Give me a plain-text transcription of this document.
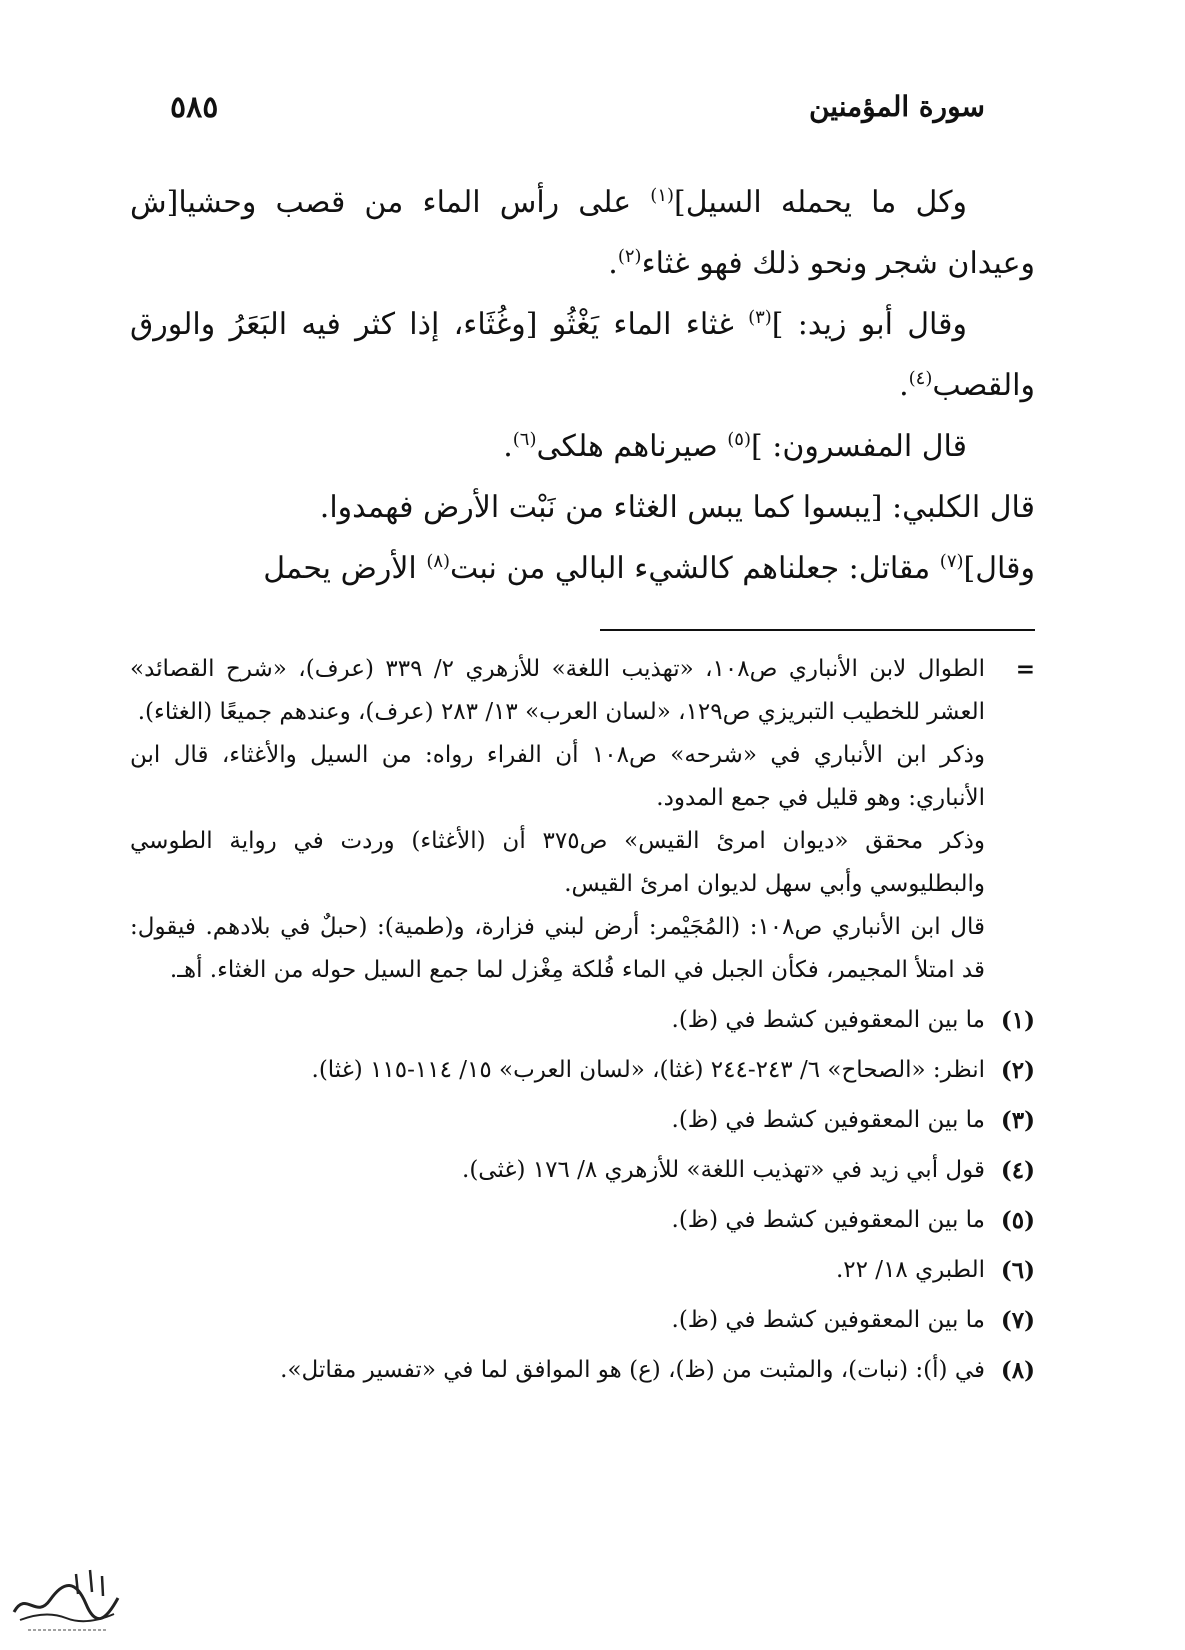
سورة المؤمنين
٥٨٥

وكل ما يحمله السيل]$^{(١)}$ على رأس الماء من قصب وحشيا[ش وعيدان شجر ونحو ذلك فهو غثاء$^{(٢)}$.

وقال أبو زيد: ]$^{(٣)}$ غثاء الماء يَغْثُو [وغُثَاء، إذا كثر فيه البَعَرُ والورق والقصب$^{(٤)}$.

قال المفسرون: ]$^{(٥)}$ صيرناهم هلكى$^{(٦)}$.

قال الكلبي: [يبسوا كما يبس الغثاء من نَبْت الأرض فهمدوا.

وقال]$^{(٧)}$ مقاتل: جعلناهم كالشيء البالي من نبت$^{(٨)}$ الأرض يحمل

=

الطوال لابن الأنباري ص١٠٨، «تهذيب اللغة» للأزهري ٢/ ٣٣٩ (عرف)، «شرح القصائد» العشر للخطيب التبريزي ص١٢٩، «لسان العرب» ١٣/ ٢٨٣ (عرف)، وعندهم جميعًا (الغثاء).

وذكر ابن الأنباري في «شرحه» ص١٠٨ أن الفراء رواه: من السيل والأغثاء، قال ابن الأنباري: وهو قليل في جمع المدود.

وذكر محقق «ديوان امرئ القيس» ص٣٧٥ أن (الأغثاء) وردت في رواية الطوسي والبطليوسي وأبي سهل لديوان امرئ القيس.

قال ابن الأنباري ص١٠٨: (المُجَيْمر: أرض لبني فزارة، و(طمية): (حبلٌ في بلادهم. فيقول: قد امتلأ المجيمر، فكأن الجبل في الماء فُلكة مِغْزل لما جمع السيل حوله من الغثاء. أهـ.

(١)
ما بين المعقوفين كشط في (ظ).
(٢)
انظر: «الصحاح» ٦/ ٢٤٣-٢٤٤ (غثا)، «لسان العرب» ١٥/ ١١٤-١١٥ (غثا).
(٣)
ما بين المعقوفين كشط في (ظ).
(٤)
قول أبي زيد في «تهذيب اللغة» للأزهري ٨/ ١٧٦ (غثى).
(٥)
ما بين المعقوفين كشط في (ظ).
(٦)
الطبري ١٨/ ٢٢.
(٧)
ما بين المعقوفين كشط في (ظ).
(٨)
في (أ): (نبات)، والمثبت من (ظ)، (ع) هو الموافق لما في «تفسير مقاتل».
